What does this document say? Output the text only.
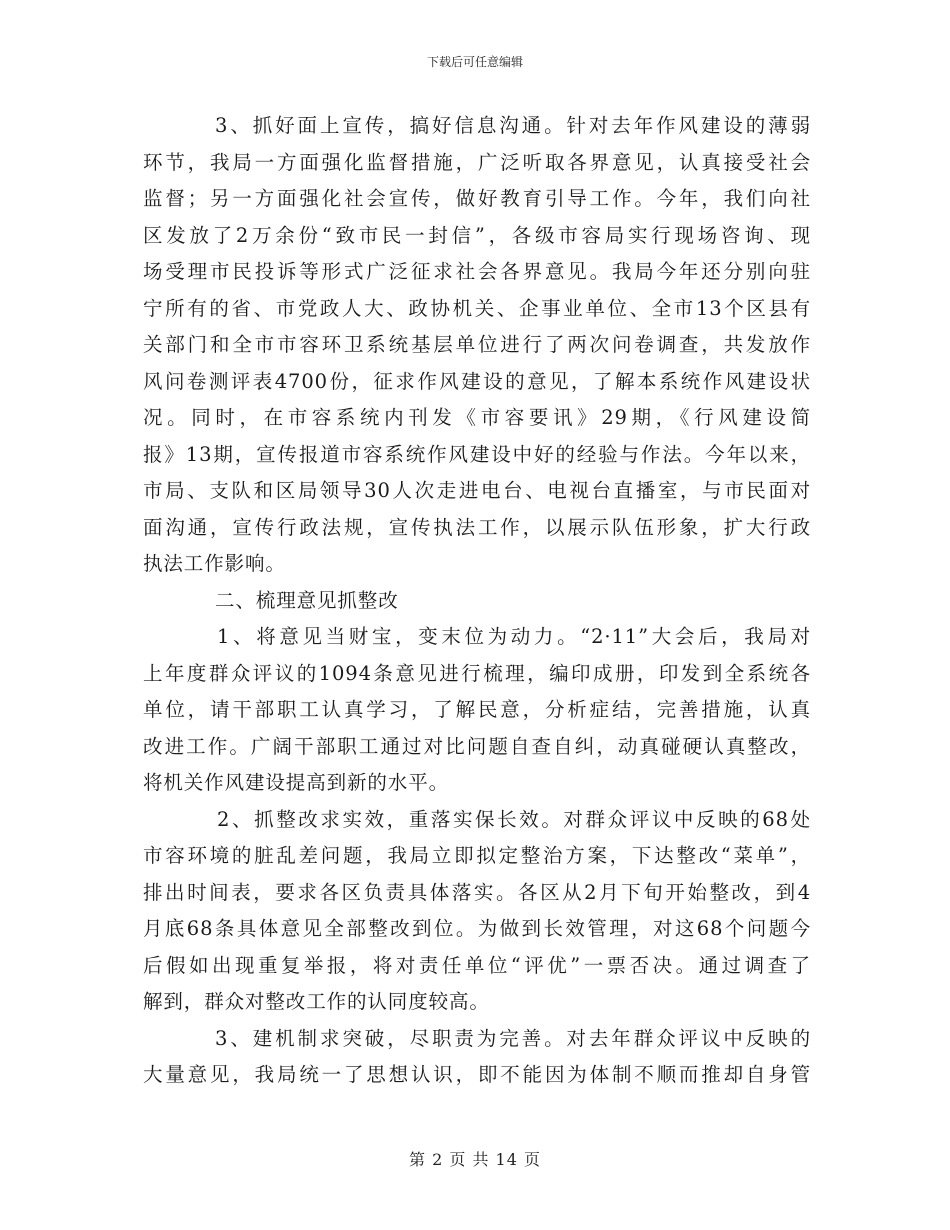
下载后可任意编辑
3、抓好面上宣传，搞好信息沟通。针对去年作风建设的薄弱
环节，我局一方面强化监督措施，广泛听取各界意见，认真接受社会
监督；另一方面强化社会宣传，做好教育引导工作。今年，我们向社
区发放了2万余份“致市民一封信”，各级市容局实行现场咨询、现
场受理市民投诉等形式广泛征求社会各界意见。我局今年还分别向驻
宁所有的省、市党政人大、政协机关、企事业单位、全市13个区县有
关部门和全市市容环卫系统基层单位进行了两次问卷调查，共发放作
风问卷测评表4700份，征求作风建设的意见，了解本系统作风建设状
况。同时，在市容系统内刊发《市容要讯》29期，《行风建设简
报》13期，宣传报道市容系统作风建设中好的经验与作法。今年以来，
市局、支队和区局领导30人次走进电台、电视台直播室，与市民面对
面沟通，宣传行政法规，宣传执法工作，以展示队伍形象，扩大行政
执法工作影响。
二、梳理意见抓整改
1、将意见当财宝，变末位为动力。“2·11”大会后，我局对
上年度群众评议的1094条意见进行梳理，编印成册，印发到全系统各
单位，请干部职工认真学习，了解民意，分析症结，完善措施，认真
改进工作。广阔干部职工通过对比问题自查自纠，动真碰硬认真整改，
将机关作风建设提高到新的水平。
2、抓整改求实效，重落实保长效。对群众评议中反映的68处
市容环境的脏乱差问题，我局立即拟定整治方案，下达整改“菜单”，
排出时间表，要求各区负责具体落实。各区从2月下旬开始整改，到4
月底68条具体意见全部整改到位。为做到长效管理，对这68个问题今
后假如出现重复举报，将对责任单位“评优”一票否决。通过调查了
解到，群众对整改工作的认同度较高。
3、建机制求突破，尽职责为完善。对去年群众评议中反映的
大量意见，我局统一了思想认识，即不能因为体制不顺而推却自身管
第 2 页 共 14 页
